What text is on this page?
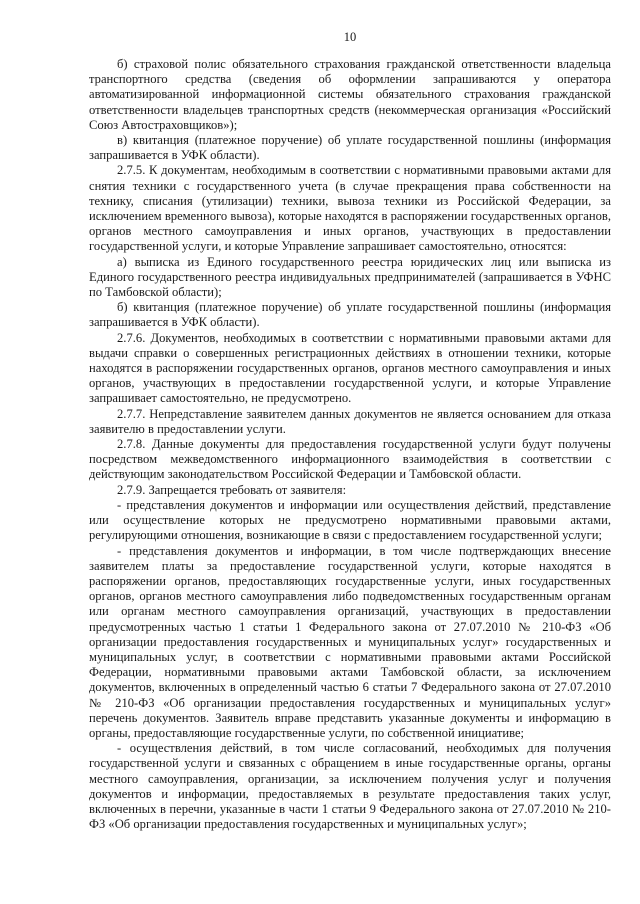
10

б) страховой полис обязательного страхования гражданской ответственности владельца транспортного средства (сведения об оформлении запрашиваются у оператора автоматизированной информационной системы обязательного страхования гражданской ответственности владельцев транспортных средств (некоммерческая организация «Российский Союз Автостраховщиков»);

в) квитанция (платежное поручение) об уплате государственной пошлины (информация запрашивается в УФК области).

2.7.5. К документам, необходимым в соответствии с нормативными правовыми актами для снятия техники с государственного учета (в случае прекращения права собственности на технику, списания (утилизации) техники, вывоза техники из Российской Федерации, за исключением временного вывоза), которые находятся в распоряжении государственных органов, органов местного самоуправления и иных органов, участвующих в предоставлении государственной услуги, и которые Управление запрашивает самостоятельно, относятся:

а) выписка из Единого государственного реестра юридических лиц или выписка из Единого государственного реестра индивидуальных предпринимателей (запрашивается в УФНС по Тамбовской области);

б) квитанция (платежное поручение) об уплате государственной пошлины (информация запрашивается в УФК области).

2.7.6. Документов, необходимых в соответствии с нормативными правовыми актами для выдачи справки о совершенных регистрационных действиях в отношении техники, которые находятся в распоряжении государственных органов, органов местного самоуправления и иных органов, участвующих в предоставлении государственной услуги, и которые Управление запрашивает самостоятельно, не предусмотрено.

2.7.7. Непредставление заявителем данных документов не является основанием для отказа заявителю в предоставлении услуги.

2.7.8. Данные документы для предоставления государственной услуги будут получены посредством межведомственного информационного взаимодействия в соответствии с действующим законодательством Российской Федерации и Тамбовской области.

2.7.9. Запрещается требовать от заявителя:

- представления документов и информации или осуществления действий, представление или осуществление которых не предусмотрено нормативными правовыми актами, регулирующими отношения, возникающие в связи с предоставлением государственной услуги;

- представления документов и информации, в том числе подтверждающих внесение заявителем платы за предоставление государственной услуги, которые находятся в распоряжении органов, предоставляющих государственные услуги, иных государственных органов, органов местного самоуправления либо подведомственных государственным органам или органам местного самоуправления организаций, участвующих в предоставлении предусмотренных частью 1 статьи 1 Федерального закона от 27.07.2010 № 210-ФЗ «Об организации предоставления государственных и муниципальных услуг» государственных и муниципальных услуг, в соответствии с нормативными правовыми актами Российской Федерации, нормативными правовыми актами Тамбовской области, за исключением документов, включенных в определенный частью 6 статьи 7 Федерального закона от 27.07.2010 № 210-ФЗ «Об организации предоставления государственных и муниципальных услуг» перечень документов. Заявитель вправе представить указанные документы и информацию в органы, предоставляющие государственные услуги, по собственной инициативе;

- осуществления действий, в том числе согласований, необходимых для получения государственной услуги и связанных с обращением в иные государственные органы, органы местного самоуправления, организации, за исключением получения услуг и получения документов и информации, предоставляемых в результате предоставления таких услуг, включенных в перечни, указанные в части 1 статьи 9 Федерального закона от 27.07.2010 № 210-ФЗ «Об организации предоставления государственных и муниципальных услуг»;
